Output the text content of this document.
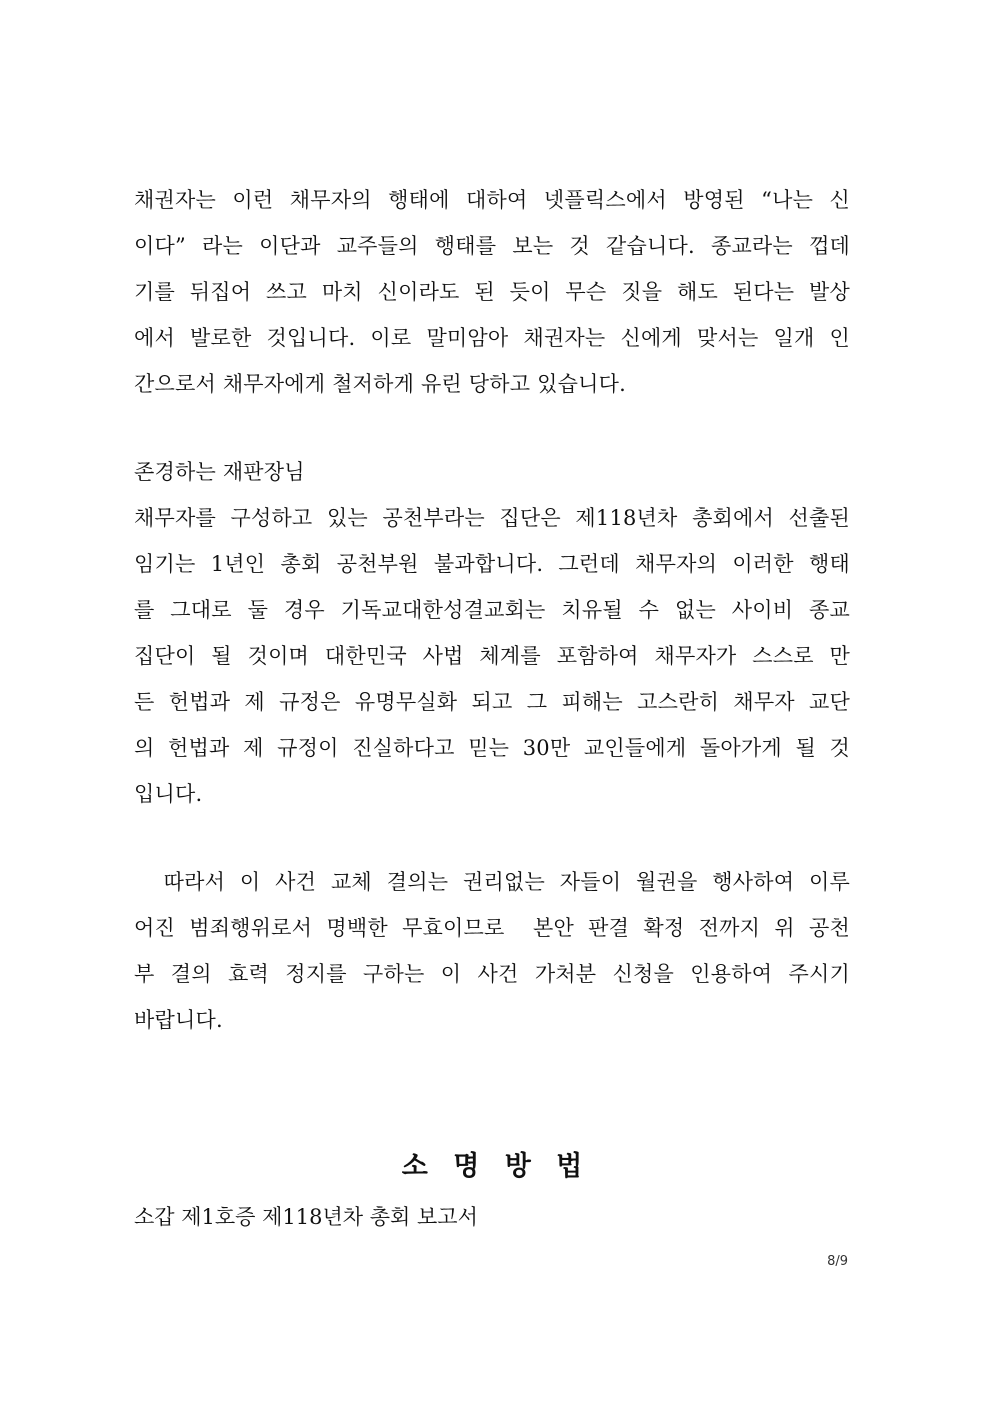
채권자는 이런 채무자의 행태에 대하여 넷플릭스에서 방영된 “나는 신
이다” 라는 이단과 교주들의 행태를 보는 것 같습니다. 종교라는 껍데
기를 뒤집어 쓰고 마치 신이라도 된 듯이 무슨 짓을 해도 된다는 발상
에서 발로한 것입니다. 이로 말미암아 채권자는 신에게 맞서는 일개 인
간으로서 채무자에게 철저하게 유린 당하고 있습니다.
존경하는 재판장님
채무자를 구성하고 있는 공천부라는 집단은 제118년차 총회에서 선출된
임기는 1년인 총회 공천부원 불과합니다. 그런데 채무자의 이러한 행태
를 그대로 둘 경우 기독교대한성결교회는 치유될 수 없는 사이비 종교
집단이 될 것이며 대한민국 사법 체계를 포함하여 채무자가 스스로 만
든 헌법과 제 규정은 유명무실화 되고 그 피해는 고스란히 채무자 교단
의 헌법과 제 규정이 진실하다고 믿는 30만 교인들에게 돌아가게 될 것
입니다.
따라서 이 사건 교체 결의는 권리없는 자들이 월권을 행사하여 이루
어진 범죄행위로서 명백한 무효이므로  본안 판결 확정 전까지 위 공천
부 결의 효력 정지를 구하는 이 사건 가처분 신청을 인용하여 주시기
바랍니다.
소 명 방 법
소갑 제1호증 제118년차 총회 보고서
8/9
